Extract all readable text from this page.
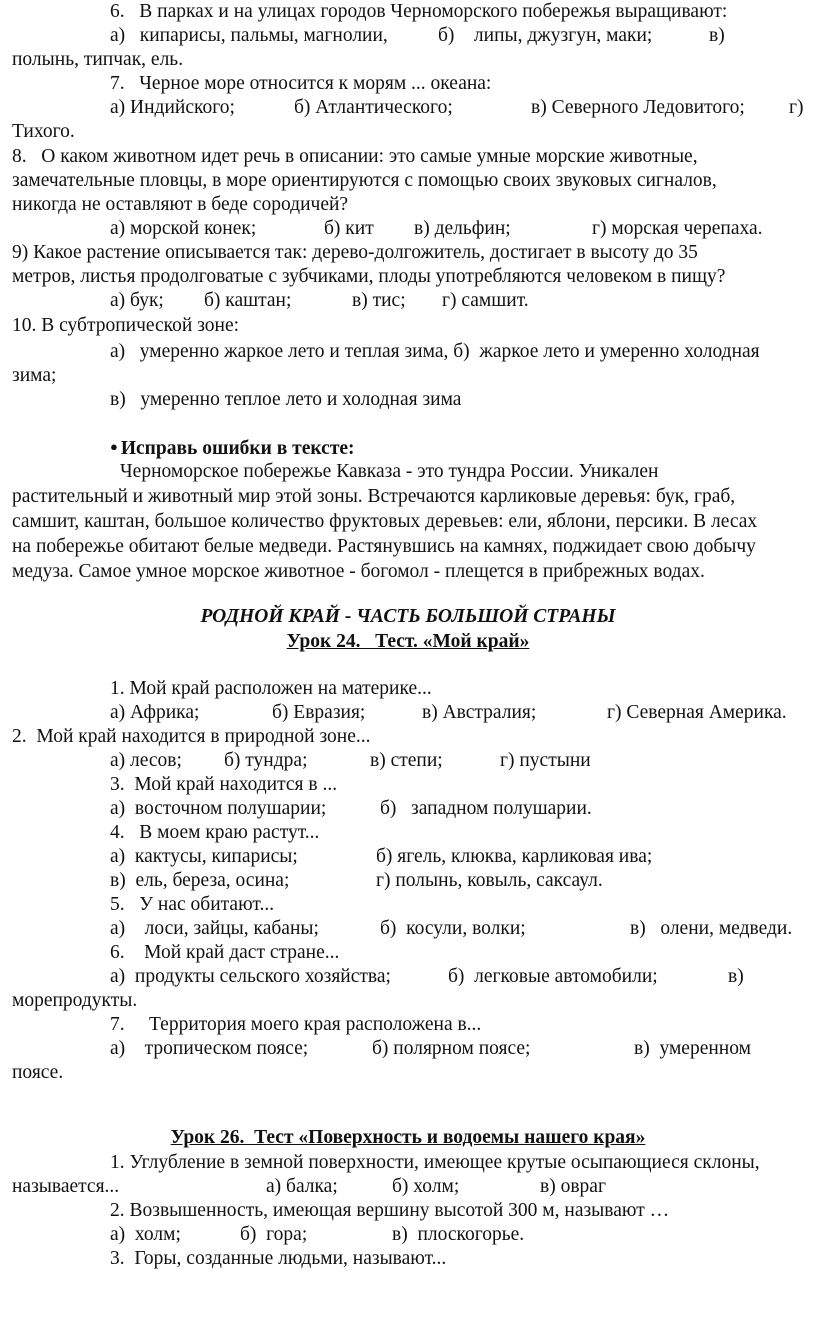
6.   В парках и на улицах городов Черноморского побережья выращивают:

а)   кипарисы, пальмы, магнолии,

	б)    липы, джузгун, маки;

	в)

полынь, типчак, ель.
7.   Черное море относится к морям ... океана:

а) Индийского;

	б) Атлантического;

	в) Северного Ледовитого;

г)

Тихого.
8.   О каком животном идет речь в описании: это самые умные морские животные,
замечательные пловцы, в море ориентируются с помощью своих звуковых сигналов,
никогда не оставляют в беде сородичей?

а) морской конек;

	б) кит

в) дельфин;

	г) морская черепаха.

9) Какое растение описывается так: дерево-долгожитель, достигает в высоту до 35
метров, листья продолговатые с зубчиками, плоды употребляются человеком в пищу?

а) бук;

б) каштан;

	в) тис;

г) самшит.

10. В субтропической зоне:
а)   умеренно жаркое лето и теплая зима, б)  жаркое лето и умеренно холодная
зима;
в)   умеренно теплое лето и холодная зима

● Исправь ошибки в тексте:

Черноморское побережье Кавказа - это тундра России. Уникален
растительный и животный мир этой зоны. Встречаются карликовые деревья: бук, граб,
самшит, каштан, большое количество фруктовых деревьев: ели, яблони, персики. В лесах
на побережье обитают белые медведи. Растянувшись на камнях, поджидает свою добычу
медуза. Самое умное морское животное - богомол - плещется в прибрежных водах.
РОДНОЙ КРАЙ - ЧАСТЬ БОЛЬШОЙ СТРАНЫ
Урок 24.   Тест. «Мой край»
1. Мой край расположен на материке...

а) Африка;

	б) Евразия;

	в) Австралия;

	г) Северная Америка.

2.  Мой край находится в природной зоне...

а) лесов;

б) тундра;

	в) степи;

	г) пустыни

3.  Мой край находится в ...

а)  восточном полушарии;

	б)   западном полушарии.

4.   В моем краю растут...

а)  кактусы, кипарисы;

	б) ягель, клюква, карликовая ива;

в)  ель, береза, осина;

	г) полынь, ковыль, саксаул.

5.   У нас обитают...

а)    лоси, зайцы, кабаны;

	б)  косули, волки;

	в)   олени, медведи.

6.    Мой край даст стране...

а)  продукты сельского хозяйства;

	б)  легковые автомобили;

	в)

морепродукты.
7.     Территория моего края расположена в...

а)    тропическом поясе;

	б) полярном поясе;

	в)  умеренном

поясе.
Урок 26.  Тест «Поверхность и водоемы нашего края»
1. Углубление в земной поверхности, имеющее крутые осыпающиеся склоны,

называется...

	а) балка;

	б) холм;

	в) овраг

2. Возвышенность, имеющая вершину высотой 300 м, называют …

а)  холм;

	б)  гора;

	в)  плоскогорье.

3.  Горы, созданные людьми, называют...
